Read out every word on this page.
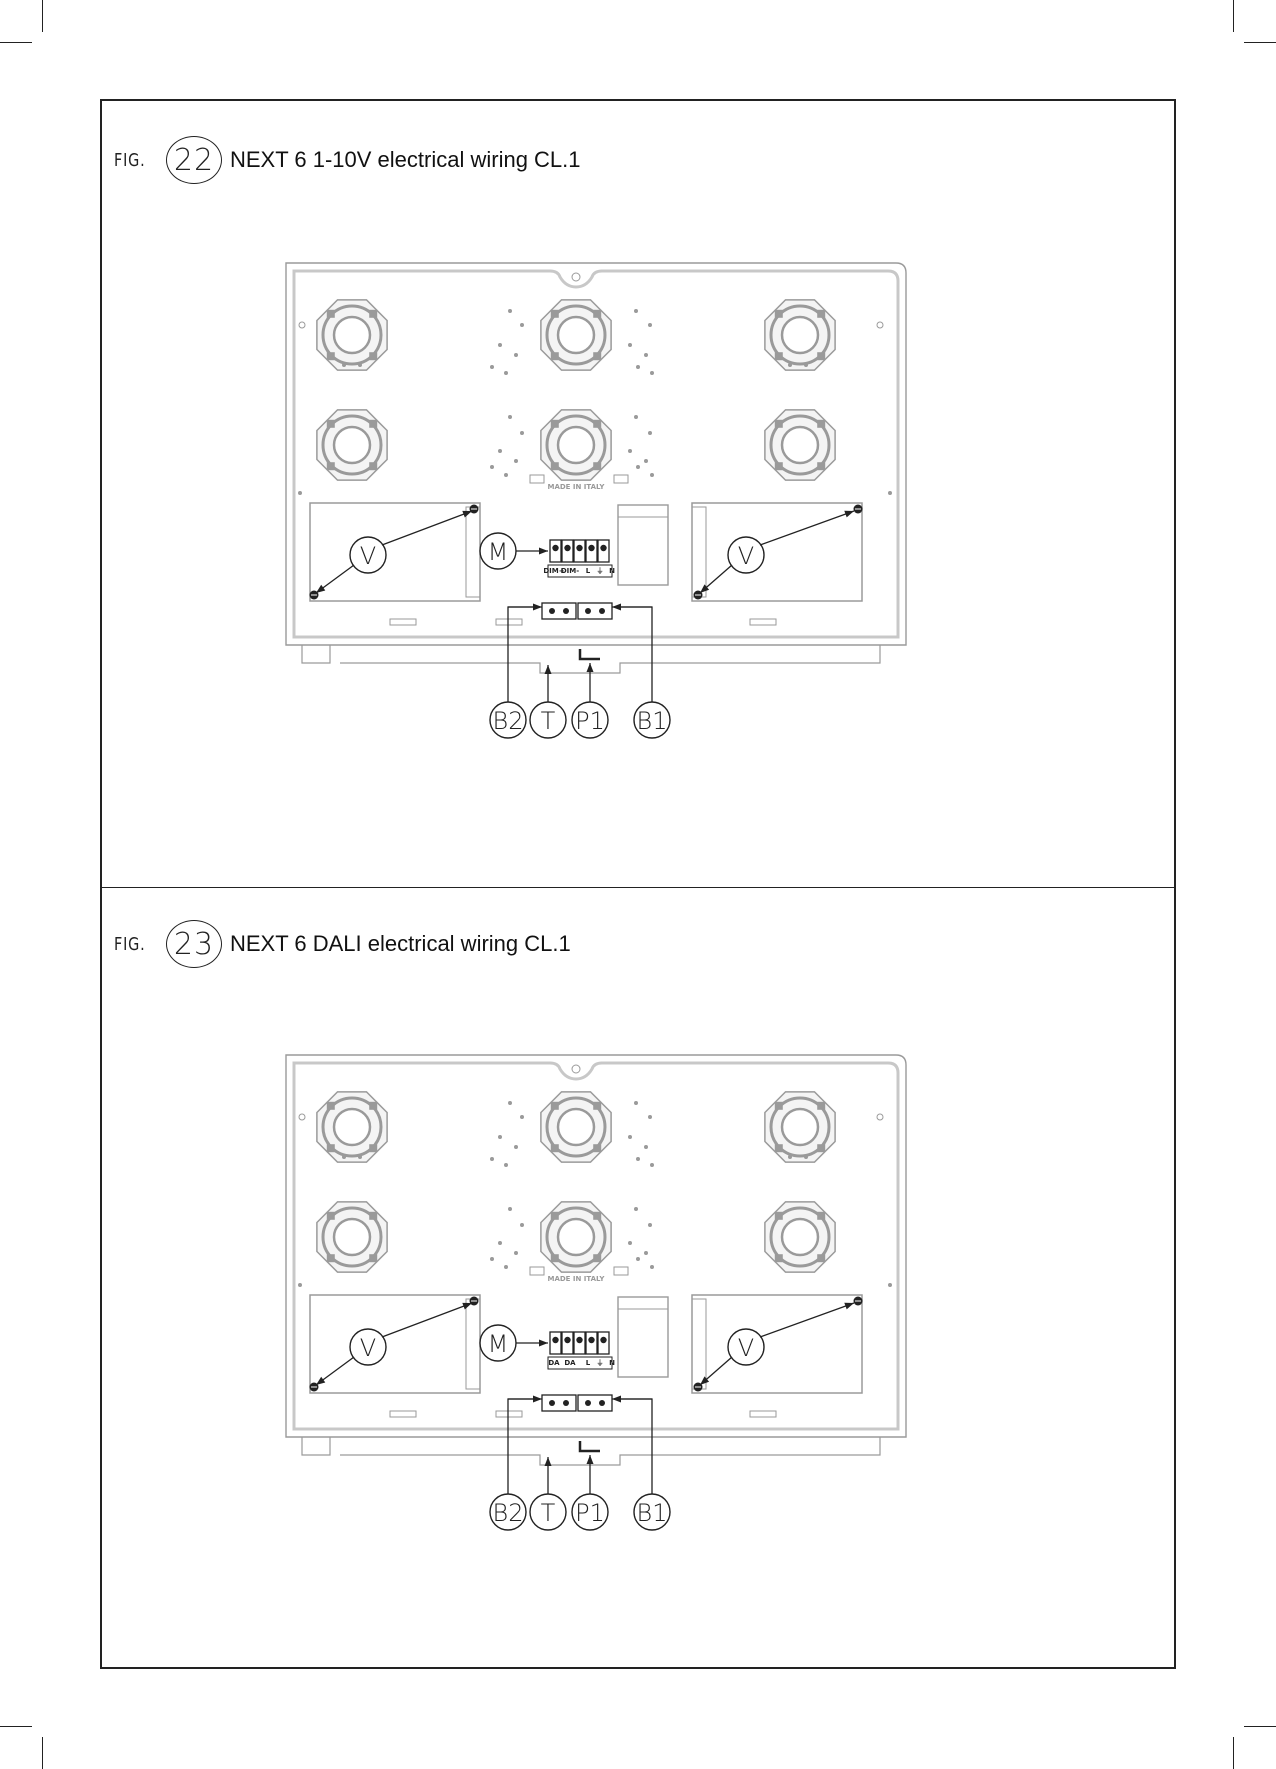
FIG. 22 NEXT 6 1-10V electrical wiring CL.1
MADE IN ITALY
DIM+
DIM- L ⏚ N
V	V
M
B2 T P1 B1
FIG. 23 NEXT 6 DALI electrical wiring CL.1
MADE IN ITALY
DA DA L ⏚ N
V	V
M
B2 T P1 B1
